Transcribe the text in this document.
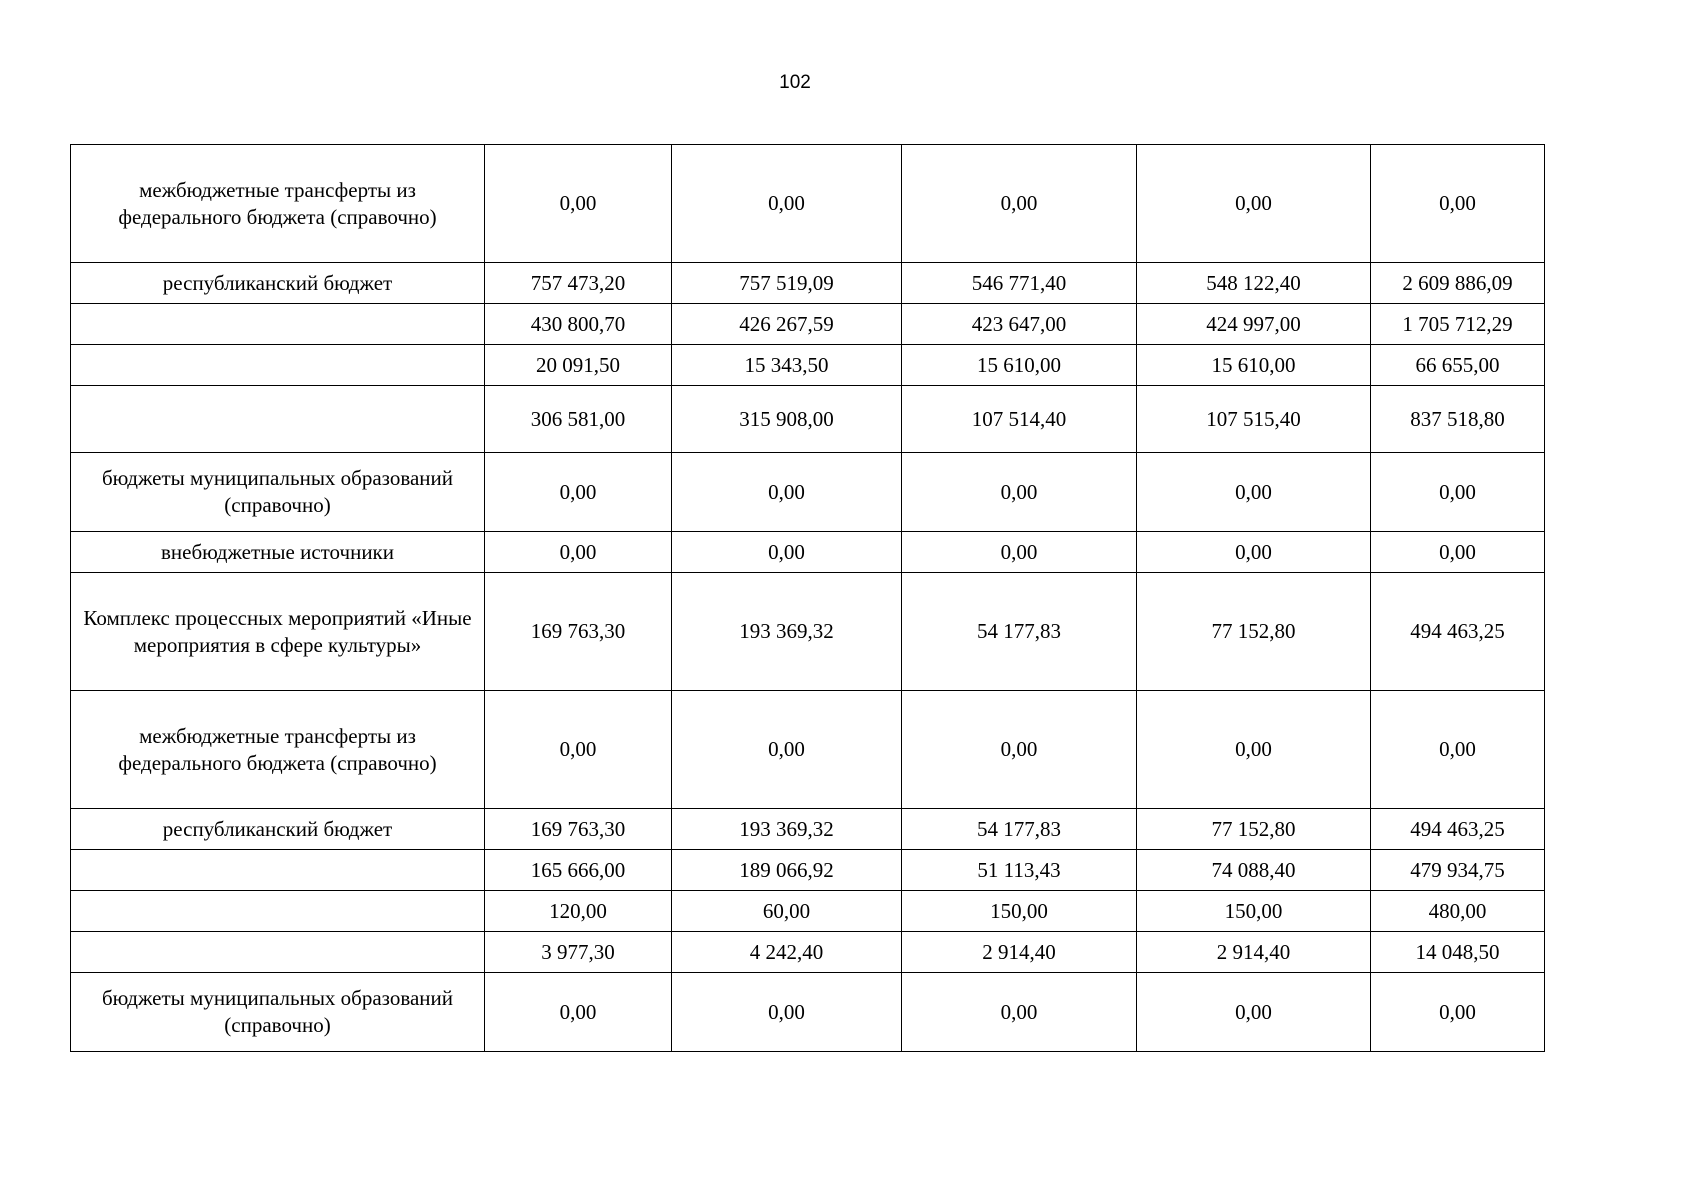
102
межбюджетные трансферты из федерального бюджета (справочно)	0,00	0,00	0,00	0,00	0,00
республиканский бюджет	757 473,20	757 519,09	546 771,40	548 122,40	2 609 886,09
	430 800,70	426 267,59	423 647,00	424 997,00	1 705 712,29
	20 091,50	15 343,50	15 610,00	15 610,00	66 655,00
	306 581,00	315 908,00	107 514,40	107 515,40	837 518,80
бюджеты муниципальных образований (справочно)	0,00	0,00	0,00	0,00	0,00
внебюджетные источники	0,00	0,00	0,00	0,00	0,00
Комплекс процессных мероприятий «Иные мероприятия в сфере культуры»	169 763,30	193 369,32	54 177,83	77 152,80	494 463,25
межбюджетные трансферты из федерального бюджета (справочно)	0,00	0,00	0,00	0,00	0,00
республиканский бюджет	169 763,30	193 369,32	54 177,83	77 152,80	494 463,25
	165 666,00	189 066,92	51 113,43	74 088,40	479 934,75
	120,00	60,00	150,00	150,00	480,00
	3 977,30	4 242,40	2 914,40	2 914,40	14 048,50
бюджеты муниципальных образований (справочно)	0,00	0,00	0,00	0,00	0,00
